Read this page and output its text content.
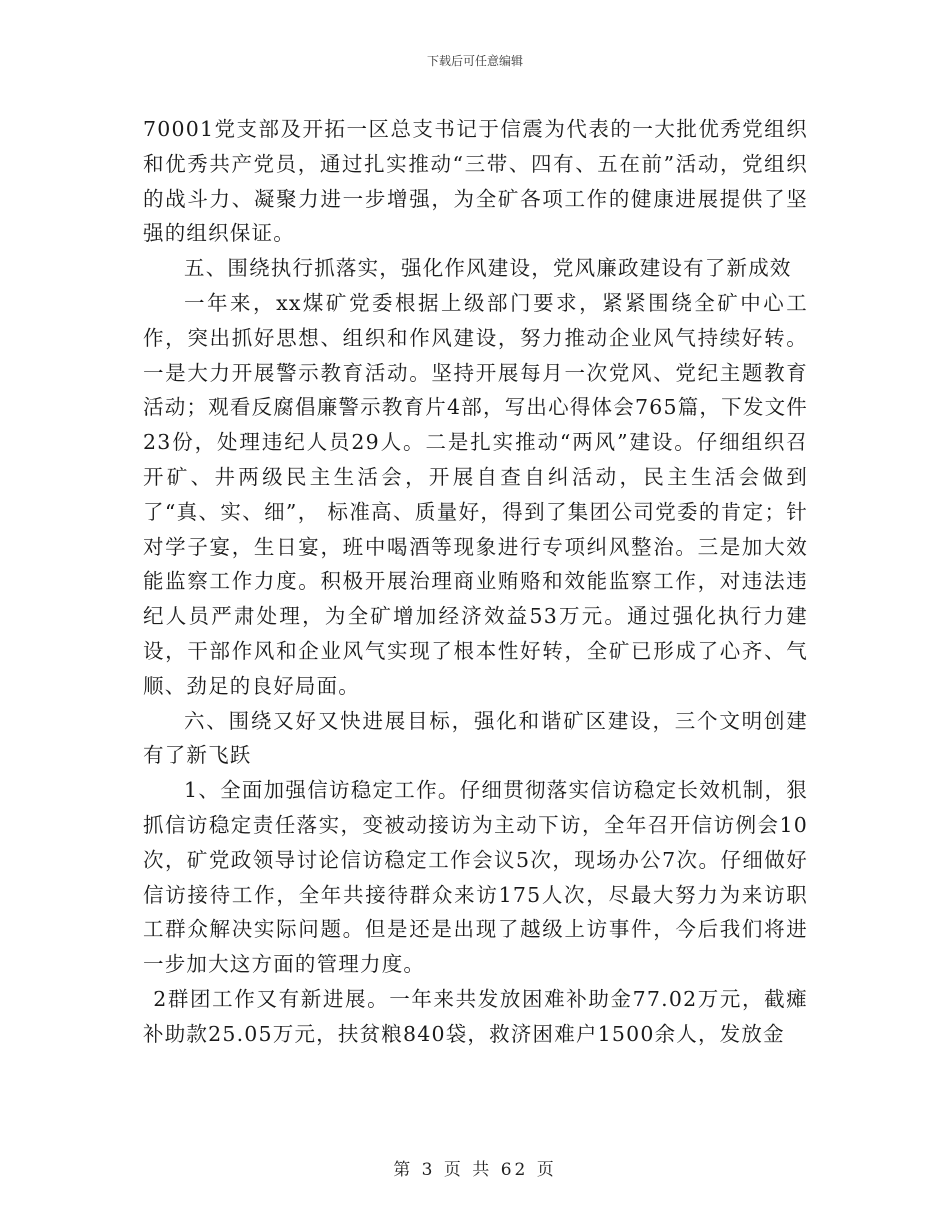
下载后可任意编辑

70001党支部及开拓一区总支书记于信震为代表的一大批优秀党组织和优秀共产党员，通过扎实推动“三带、四有、五在前”活动，党组织的战斗力、凝聚力进一步增强，为全矿各项工作的健康进展提供了坚强的组织保证。

五、围绕执行抓落实，强化作风建设，党风廉政建设有了新成效

一年来，xx煤矿党委根据上级部门要求，紧紧围绕全矿中心工作，突出抓好思想、组织和作风建设，努力推动企业风气持续好转。一是大力开展警示教育活动。坚持开展每月一次党风、党纪主题教育活动；观看反腐倡廉警示教育片4部，写出心得体会765篇，下发文件23份，处理违纪人员29人。二是扎实推动“两风”建设。仔细组织召开矿、井两级民主生活会，开展自查自纠活动，民主生活会做到了“真、实、细”， 标准高、质量好，得到了集团公司党委的肯定；针对学子宴，生日宴，班中喝酒等现象进行专项纠风整治。三是加大效能监察工作力度。积极开展治理商业贿赂和效能监察工作，对违法违纪人员严肃处理，为全矿增加经济效益53万元。通过强化执行力建设，干部作风和企业风气实现了根本性好转，全矿已形成了心齐、气顺、劲足的良好局面。

六、围绕又好又快进展目标，强化和谐矿区建设，三个文明创建有了新飞跃

1、全面加强信访稳定工作。仔细贯彻落实信访稳定长效机制，狠抓信访稳定责任落实，变被动接访为主动下访，全年召开信访例会10次，矿党政领导讨论信访稳定工作会议5次，现场办公7次。仔细做好信访接待工作，全年共接待群众来访175人次，尽最大努力为来访职工群众解决实际问题。但是还是出现了越级上访事件，今后我们将进一步加大这方面的管理力度。

2群团工作又有新进展。一年来共发放困难补助金77.02万元，截瘫补助款25.05万元，扶贫粮840袋，救济困难户1500余人，发放金

第 3 页 共 62 页
